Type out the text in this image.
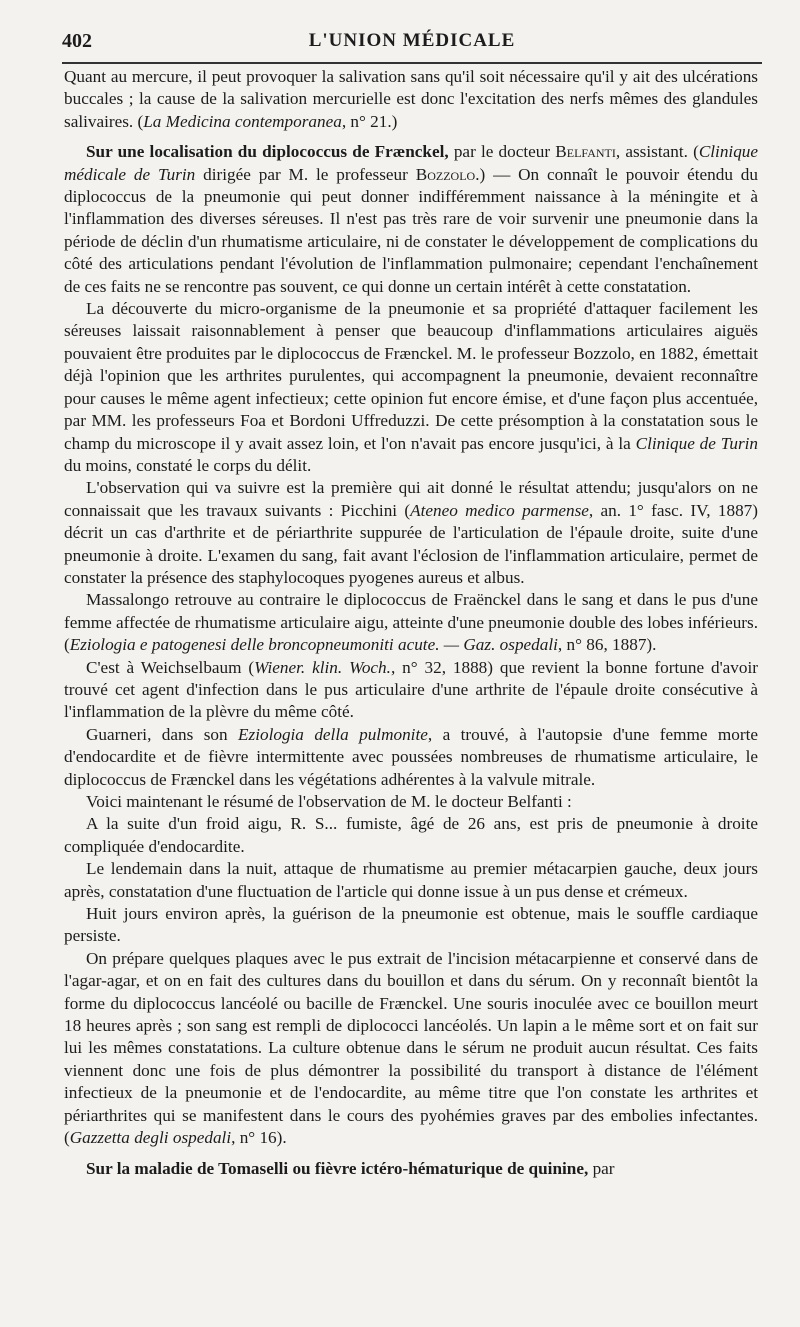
402	L'UNION MÉDICALE

Quant au mercure, il peut provoquer la salivation sans qu'il soit nécessaire qu'il y ait des ulcérations buccales ; la cause de la salivation mercurielle est donc l'excitation des nerfs mêmes des glandules salivaires. (La Medicina contemporanea, n° 21.)

Sur une localisation du diplococcus de Frænckel, par le docteur Belfanti, assistant. (Clinique médicale de Turin dirigée par M. le professeur Bozzolo.) — On connaît le pouvoir étendu du diplococcus de la pneumonie qui peut donner indifféremment naissance à la méningite et à l'inflammation des diverses séreuses. Il n'est pas très rare de voir survenir une pneumonie dans la période de déclin d'un rhumatisme articulaire, ni de constater le développement de complications du côté des articulations pendant l'évolution de l'inflammation pulmonaire; cependant l'enchaînement de ces faits ne se rencontre pas souvent, ce qui donne un certain intérêt à cette constatation.

La découverte du micro-organisme de la pneumonie et sa propriété d'attaquer facilement les séreuses laissait raisonnablement à penser que beaucoup d'inflammations articulaires aiguës pouvaient être produites par le diplococcus de Frænckel. M. le professeur Bozzolo, en 1882, émettait déjà l'opinion que les arthrites purulentes, qui accompagnent la pneumonie, devaient reconnaître pour causes le même agent infectieux; cette opinion fut encore émise, et d'une façon plus accentuée, par MM. les professeurs Foa et Bordoni Uffreduzzi. De cette présomption à la constatation sous le champ du microscope il y avait assez loin, et l'on n'avait pas encore jusqu'ici, à la Clinique de Turin du moins, constaté le corps du délit.

L'observation qui va suivre est la première qui ait donné le résultat attendu; jusqu'alors on ne connaissait que les travaux suivants : Picchini (Ateneo medico parmense, an. 1° fasc. IV, 1887) décrit un cas d'arthrite et de périarthrite suppurée de l'articulation de l'épaule droite, suite d'une pneumonie à droite. L'examen du sang, fait avant l'éclosion de l'inflammation articulaire, permet de constater la présence des staphylocoques pyogenes aureus et albus.

Massalongo retrouve au contraire le diplococcus de Fraënckel dans le sang et dans le pus d'une femme affectée de rhumatisme articulaire aigu, atteinte d'une pneumonie double des lobes inférieurs. (Eziologia e patogenesi delle broncopneumoniti acute. — Gaz. ospedali, n° 86, 1887).

C'est à Weichselbaum (Wiener. klin. Woch., n° 32, 1888) que revient la bonne fortune d'avoir trouvé cet agent d'infection dans le pus articulaire d'une arthrite de l'épaule droite consécutive à l'inflammation de la plèvre du même côté.

Guarneri, dans son Eziologia della pulmonite, a trouvé, à l'autopsie d'une femme morte d'endocardite et de fièvre intermittente avec poussées nombreuses de rhumatisme articulaire, le diplococcus de Frænckel dans les végétations adhérentes à la valvule mitrale.

Voici maintenant le résumé de l'observation de M. le docteur Belfanti :

A la suite d'un froid aigu, R. S... fumiste, âgé de 26 ans, est pris de pneumonie à droite compliquée d'endocardite.

Le lendemain dans la nuit, attaque de rhumatisme au premier métacarpien gauche, deux jours après, constatation d'une fluctuation de l'article qui donne issue à un pus dense et crémeux.

Huit jours environ après, la guérison de la pneumonie est obtenue, mais le souffle cardiaque persiste.

On prépare quelques plaques avec le pus extrait de l'incision métacarpienne et conservé dans de l'agar-agar, et on en fait des cultures dans du bouillon et dans du sérum. On y reconnaît bientôt la forme du diplococcus lancéolé ou bacille de Frænckel. Une souris inoculée avec ce bouillon meurt 18 heures après ; son sang est rempli de diplococci lancéolés. Un lapin a le même sort et on fait sur lui les mêmes constatations. La culture obtenue dans le sérum ne produit aucun résultat. Ces faits viennent donc une fois de plus démontrer la possibilité du transport à distance de l'élément infectieux de la pneumonie et de l'endocardite, au même titre que l'on constate les arthrites et périarthrites qui se manifestent dans le cours des pyohémies graves par des embolies infectantes. (Gazzetta degli ospedali, n° 16).

Sur la maladie de Tomaselli ou fièvre ictéro-hématurique de quinine, par
